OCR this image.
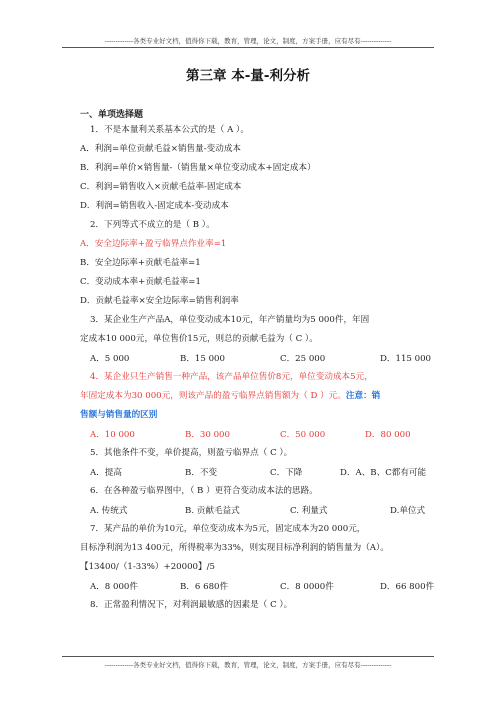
-------------各类专业好文档，值得你下载，教育，管理，论文，制度，方案手册，应有尽有--------------
第三章 本-量-利分析
一、单项选择题
1．不是本量利关系基本公式的是（ A ）。
A．利润=单位贡献毛益×销售量-变动成本
B．利润=单价×销售量-（销售量×单位变动成本+固定成本）
C．利润=销售收入×贡献毛益率-固定成本
D．利润=销售收入-固定成本-变动成本
2．下列等式不成立的是（ B ）。
A．安全边际率+盈亏临界点作业率=1
B．安全边际率+贡献毛益率=1
C．变动成本率+贡献毛益率=1
D．贡献毛益率×安全边际率=销售利润率
3．某企业生产产品A，单位变动成本10元，年产销量均为5 000件，年固
定成本10 000元，单位售价15元，则总的贡献毛益为（ C ）。
A．5 000	B．15 000	C．25 000	D．115 000
4．某企业只生产销售一种产品，该产品单位售价8元，单位变动成本5元，
年固定成本为30 000元，则该产品的盈亏临界点销售额为（ D ）元。注意：销
售额与销售量的区别
A．10 000	B．30 000	C．50 000	D．80 000
5．其他条件不变，单价提高，则盈亏临界点（ C ）。
A．提高	B．不变	C．下降	D．A、B、C都有可能
6．在各种盈亏临界图中，（ B ）更符合变动成本法的思路。
A. 传统式	B. 贡献毛益式	C. 利量式	D.单位式
7．某产品的单价为10元，单位变动成本为5元，固定成本为20 000元，
目标净利润为13 400元，所得税率为33%，则实现目标净利润的销售量为（A）。
【13400/（1-33%）+20000】/5
A．8 000件	B．6 680件	C．8 0000件	D．66 800件
8．正常盈利情况下，对利润最敏感的因素是（ C ）。
-------------各类专业好文档，值得你下载，教育，管理，论文，制度，方案手册，应有尽有--------------
